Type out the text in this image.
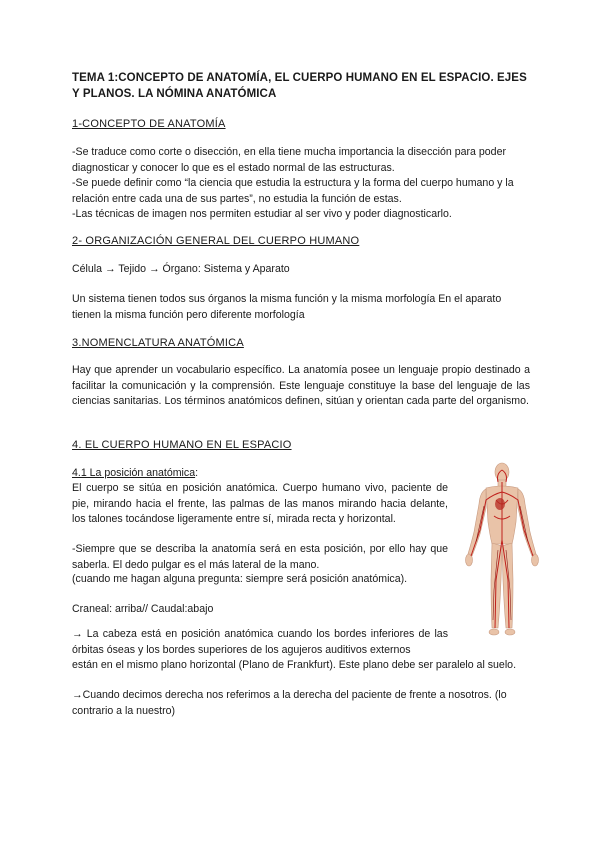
TEMA 1:CONCEPTO DE ANATOMÍA, EL CUERPO HUMANO EN EL ESPACIO. EJES Y PLANOS. LA NÓMINA ANATÓMICA
1-CONCEPTO DE ANATOMÍA
-Se traduce como corte o disección, en ella tiene mucha importancia la disección para poder diagnosticar y conocer lo que es el estado normal de las estructuras.
-Se puede definir como “la ciencia que estudia la estructura y la forma del cuerpo humano y la relación entre cada una de sus partes”, no estudia la función de estas.
-Las técnicas de imagen nos permiten estudiar al ser vivo y poder diagnosticarlo.
2- ORGANIZACIÓN GENERAL DEL CUERPO HUMANO
Célula → Tejido → Órgano: Sistema y Aparato
Un sistema tienen todos sus órganos la misma función y la misma morfología En el aparato tienen la misma función pero diferente morfología
3.NOMENCLATURA ANATÓMICA
Hay que aprender un vocabulario específico. La anatomía posee un lenguaje propio destinado a facilitar la comunicación y la comprensión. Este lenguaje constituye la base del lenguaje de las ciencias sanitarias. Los términos anatómicos definen, sitúan y orientan cada parte del organismo.
4. EL CUERPO HUMANO EN EL ESPACIO
4.1 La posición anatómica:
El cuerpo se sitúa en posición anatómica. Cuerpo humano vivo, paciente de pie, mirando hacia el frente, las palmas de las manos mirando hacia delante, los talones tocándose ligeramente entre sí, mirada recta y horizontal.
-Siempre que se describa la anatomía será en esta posición, por ello hay que saberla. El dedo pulgar es el más lateral de la mano.
(cuando me hagan alguna pregunta: siempre será posición anatómica).
Craneal: arriba// Caudal:abajo
→ La cabeza está en posición anatómica cuando los bordes inferiores de las órbitas óseas y los bordes superiores de los agujeros auditivos externos
están en el mismo plano horizontal (Plano de Frankfurt). Este plano debe ser paralelo al suelo.
→Cuando decimos derecha nos referimos a la derecha del paciente de frente a nosotros. (lo contrario a la nuestro)
